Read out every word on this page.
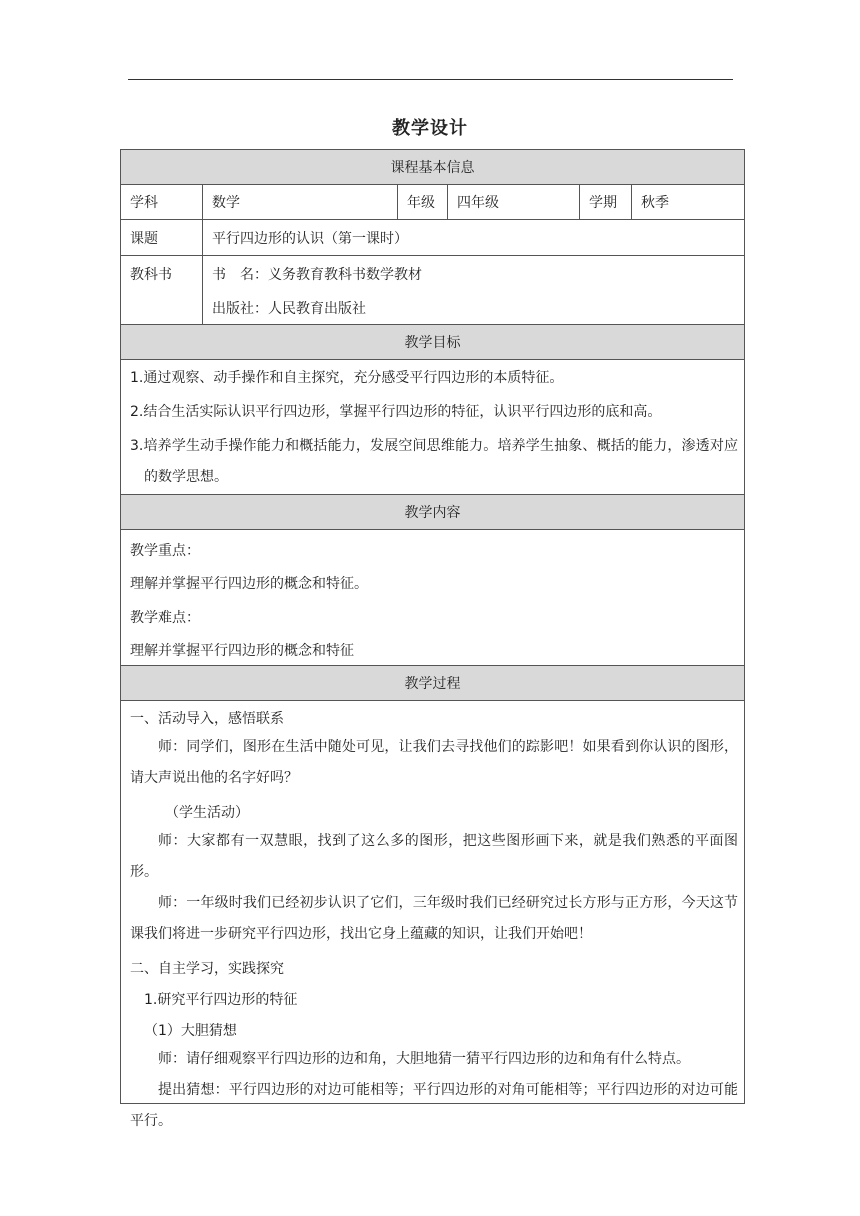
教学设计
课程基本信息
学科	数学	年级	四年级	学期	秋季
课题	平行四边形的认识（第一课时）
教科书	书　名：义务教育教科书数学教材
出版社：人民教育出版社
教学目标
1.通过观察、动手操作和自主探究，充分感受平行四边形的本质特征。
2.结合生活实际认识平行四边形，掌握平行四边形的特征，认识平行四边形的底和高。
3.培养学生动手操作能力和概括能力，发展空间思维能力。培养学生抽象、概括的能力，渗透对应的数学思想。
教学内容
教学重点：
理解并掌握平行四边形的概念和特征。
教学难点：
理解并掌握平行四边形的概念和特征
教学过程
一、活动导入，感悟联系
师：同学们，图形在生活中随处可见，让我们去寻找他们的踪影吧！如果看到你认识的图形，请大声说出他的名字好吗？
（学生活动）
师：大家都有一双慧眼，找到了这么多的图形，把这些图形画下来，就是我们熟悉的平面图形。
师：一年级时我们已经初步认识了它们，三年级时我们已经研究过长方形与正方形，今天这节课我们将进一步研究平行四边形，找出它身上蕴藏的知识，让我们开始吧！
二、自主学习，实践探究
1.研究平行四边形的特征
（1）大胆猜想
师：请仔细观察平行四边形的边和角，大胆地猜一猜平行四边形的边和角有什么特点。
提出猜想：平行四边形的对边可能相等；平行四边形的对角可能相等；平行四边形的对边可能平行。
